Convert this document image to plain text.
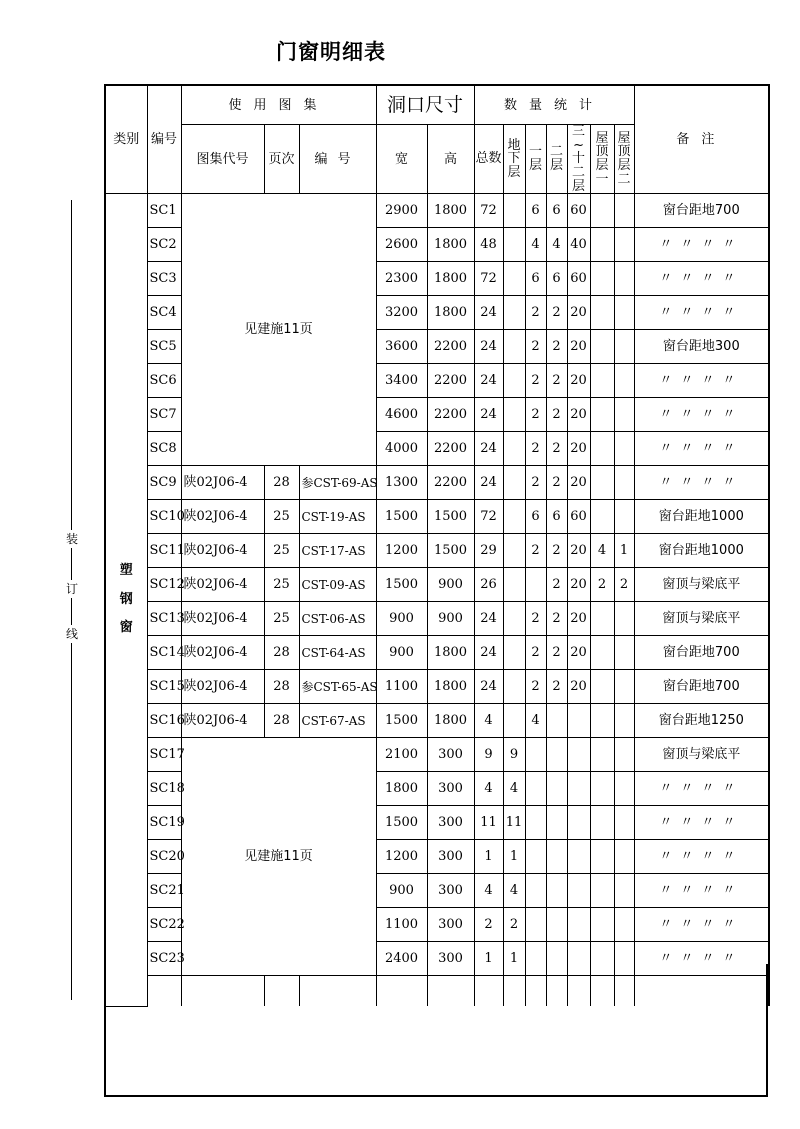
门窗明细表
装
订
线
类别	编号	使用图集			洞口尺寸		数量统计							备注
		图集代号	页次	编号	宽	高	总数	地下层	一层	二层	三~十二层	屋顶层一	屋顶层二	
塑钢窗	SC1	见建施11页			2900	1800	72		6	6	60			窗台距地700
	SC2				2600	1800	48		4	4	40			〃〃〃〃
	SC3				2300	1800	72		6	6	60			〃〃〃〃
	SC4				3200	1800	24		2	2	20			〃〃〃〃
	SC5				3600	2200	24		2	2	20			窗台距地300
	SC6				3400	2200	24		2	2	20			〃〃〃〃
	SC7				4600	2200	24		2	2	20			〃〃〃〃
	SC8				4000	2200	24		2	2	20			〃〃〃〃
	SC9	陕02J06-4	28	参CST-69-AS	1300	2200	24		2	2	20			〃〃〃〃
	SC10	陕02J06-4	25	CST-19-AS	1500	1500	72		6	6	60			窗台距地1000
	SC11	陕02J06-4	25	CST-17-AS	1200	1500	29		2	2	20	4	1	窗台距地1000
	SC12	陕02J06-4	25	CST-09-AS	1500	900	26			2	20	2	2	窗顶与梁底平
	SC13	陕02J06-4	25	CST-06-AS	900	900	24		2	2	20			窗顶与梁底平
	SC14	陕02J06-4	28	CST-64-AS	900	1800	24		2	2	20			窗台距地700
	SC15	陕02J06-4	28	参CST-65-AS	1100	1800	24		2	2	20			窗台距地700
	SC16	陕02J06-4	28	CST-67-AS	1500	1800	4		4					窗台距地1250
	SC17	见建施11页			2100	300	9	9						窗顶与梁底平
	SC18				1800	300	4	4						〃〃〃〃
	SC19				1500	300	11	11						〃〃〃〃
	SC20				1200	300	1	1						〃〃〃〃
	SC21				900	300	4	4						〃〃〃〃
	SC22				1100	300	2	2						〃〃〃〃
	SC23				2400	300	1	1						〃〃〃〃
